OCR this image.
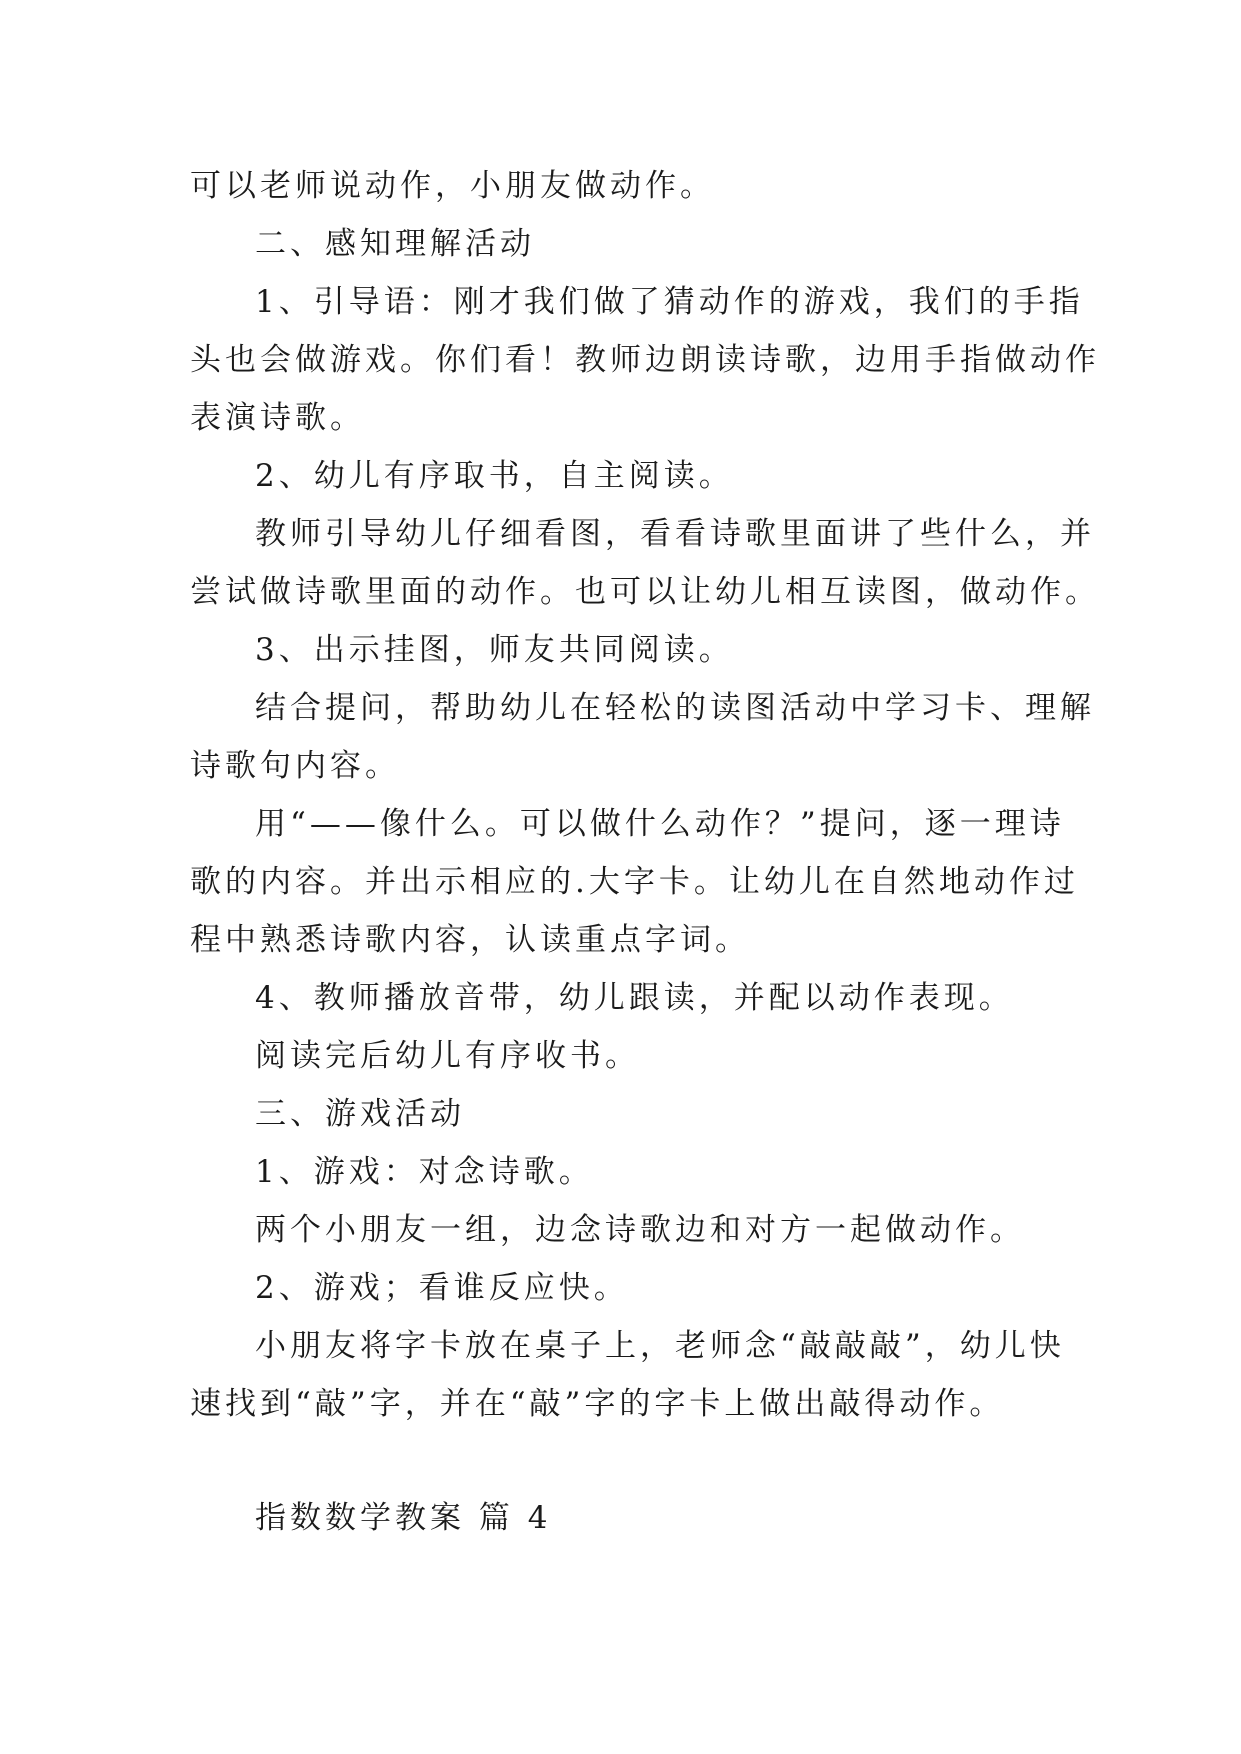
可以老师说动作，小朋友做动作。
二、感知理解活动
1、引导语：刚才我们做了猜动作的游戏，我们的手指
头也会做游戏。你们看！教师边朗读诗歌，边用手指做动作
表演诗歌。
2、幼儿有序取书，自主阅读。
教师引导幼儿仔细看图，看看诗歌里面讲了些什么，并
尝试做诗歌里面的动作。也可以让幼儿相互读图，做动作。
3、出示挂图，师友共同阅读。
结合提问，帮助幼儿在轻松的读图活动中学习卡、理解
诗歌句内容。
用“——像什么。可以做什么动作？”提问，逐一理诗
歌的内容。并出示相应的.大字卡。让幼儿在自然地动作过
程中熟悉诗歌内容，认读重点字词。
4、教师播放音带，幼儿跟读，并配以动作表现。
阅读完后幼儿有序收书。
三、游戏活动
1、游戏：对念诗歌。
两个小朋友一组，边念诗歌边和对方一起做动作。
2、游戏；看谁反应快。
小朋友将字卡放在桌子上，老师念“敲敲敲”，幼儿快
速找到“敲”字，并在“敲”字的字卡上做出敲得动作。
指数数学教案 篇 4
